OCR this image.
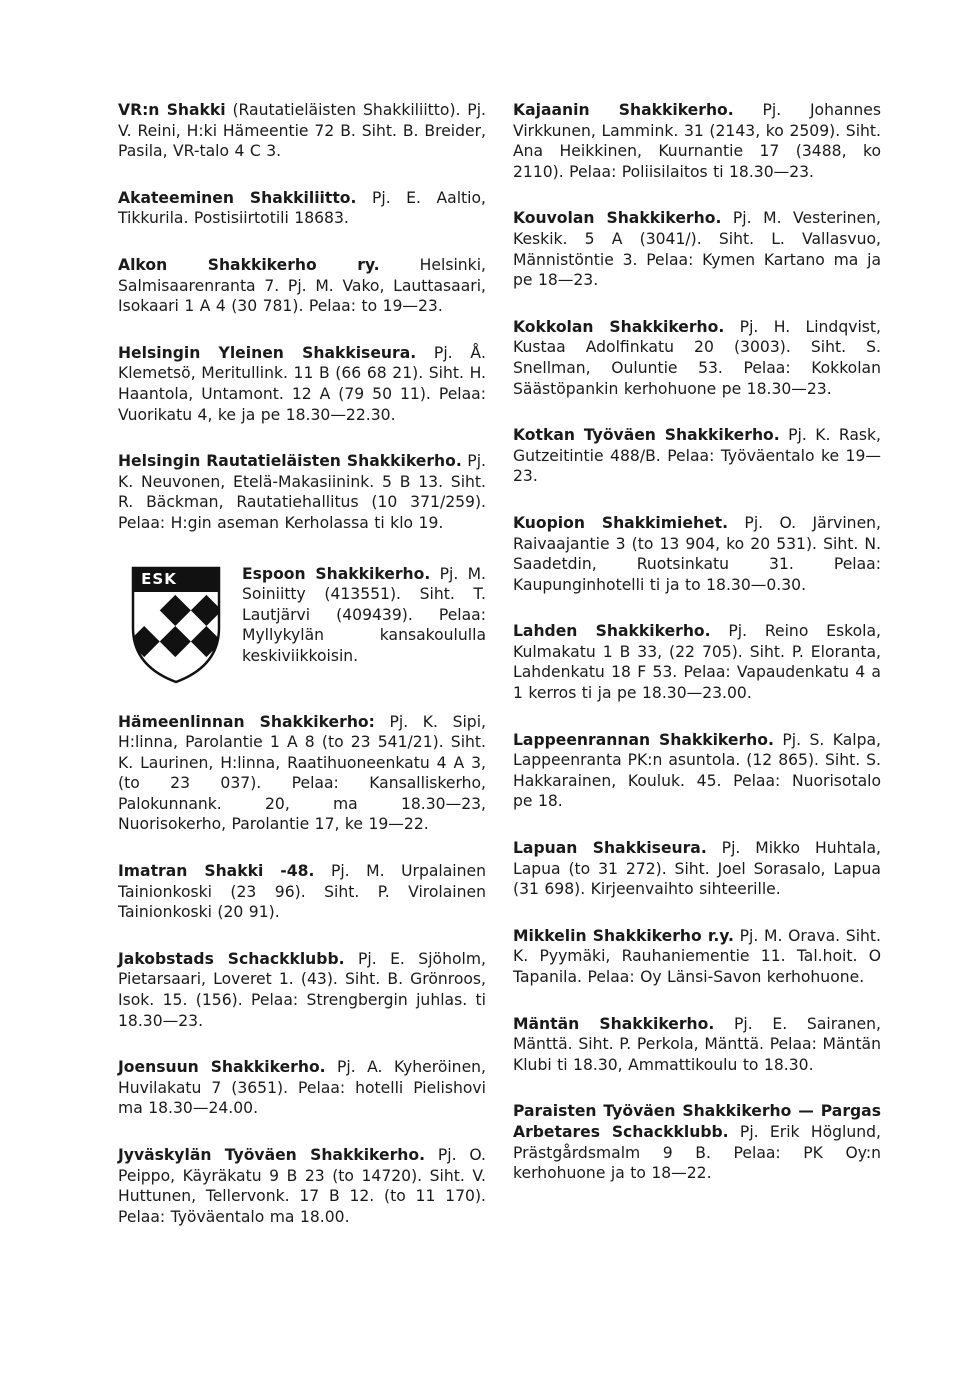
VR:n Shakki (Rautatieläisten Shakkiliitto). Pj. V. Reini, H:ki Hämeentie 72 B. Siht. B. Breider, Pasila, VR-talo 4 C 3.
Akateeminen Shakkiliitto. Pj. E. Aaltio, Tikkurila. Postisiirtotili 18683.
Alkon Shakkikerho ry. Helsinki, Salmisaarenranta 7. Pj. M. Vako, Lauttasaari, Isokaari 1 A 4 (30 781). Pelaa: to 19—23.
Helsingin Yleinen Shakkiseura. Pj. Å. Klemetsö, Meritullink. 11 B (66 68 21). Siht. H. Haantola, Untamont. 12 A (79 50 11). Pelaa: Vuorikatu 4, ke ja pe 18.30—22.30.
Helsingin Rautatieläisten Shakkikerho. Pj. K. Neuvonen, Etelä-Makasiinink. 5 B 13. Siht. R. Bäckman, Rautatiehallitus (10 371/259). Pelaa: H:gin aseman Kerholassa ti klo 19.
ESK	Espoon Shakkikerho. Pj. M. Soiniitty (413551). Siht. T. Lautjärvi (409439). Pelaa: Myllykylän kansakoululla keskiviikkoisin.
Hämeenlinnan Shakkikerho: Pj. K. Sipi, H:linna, Parolantie 1 A 8 (to 23 541/21). Siht. K. Laurinen, H:linna, Raatihuoneenkatu 4 A 3, (to 23 037). Pelaa: Kansalliskerho, Palokunnank. 20, ma 18.30—23, Nuorisokerho, Parolantie 17, ke 19—22.
Imatran Shakki -48. Pj. M. Urpalainen Tainionkoski (23 96). Siht. P. Virolainen Tainionkoski (20 91).
Jakobstads Schackklubb. Pj. E. Sjöholm, Pietarsaari, Loveret 1. (43). Siht. B. Grönroos, Isok. 15. (156). Pelaa: Strengbergin juhlas. ti 18.30—23.
Joensuun Shakkikerho. Pj. A. Kyheröinen, Huvilakatu 7 (3651). Pelaa: hotelli Pielishovi ma 18.30—24.00.
Jyväskylän Työväen Shakkikerho. Pj. O. Peippo, Käyräkatu 9 B 23 (to 14720). Siht. V. Huttunen, Tellervonk. 17 B 12. (to 11 170). Pelaa: Työväentalo ma 18.00.
Kajaanin Shakkikerho. Pj. Johannes Virkkunen, Lammink. 31 (2143, ko 2509). Siht. Ana Heikkinen, Kuurnantie 17 (3488, ko 2110). Pelaa: Poliisilaitos ti 18.30—23.
Kouvolan Shakkikerho. Pj. M. Vesterinen, Keskik. 5 A (3041/). Siht. L. Vallasvuo, Männistöntie 3. Pelaa: Kymen Kartano ma ja pe 18—23.
Kokkolan Shakkikerho. Pj. H. Lindqvist, Kustaa Adolfinkatu 20 (3003). Siht. S. Snellman, Ouluntie 53. Pelaa: Kokkolan Säästöpankin kerhohuone pe 18.30—23.
Kotkan Työväen Shakkikerho. Pj. K. Rask, Gutzeitintie 488/B. Pelaa: Työväentalo ke 19—23.
Kuopion Shakkimiehet. Pj. O. Järvinen, Raivaajantie 3 (to 13 904, ko 20 531). Siht. N. Saadetdin, Ruotsinkatu 31. Pelaa: Kaupunginhotelli ti ja to 18.30—0.30.
Lahden Shakkikerho. Pj. Reino Eskola, Kulmakatu 1 B 33, (22 705). Siht. P. Eloranta, Lahdenkatu 18 F 53. Pelaa: Vapaudenkatu 4 a 1 kerros ti ja pe 18.30—23.00.
Lappeenrannan Shakkikerho. Pj. S. Kalpa, Lappeenranta PK:n asuntola. (12 865). Siht. S. Hakkarainen, Kouluk. 45. Pelaa: Nuorisotalo pe 18.
Lapuan Shakkiseura. Pj. Mikko Huhtala, Lapua (to 31 272). Siht. Joel Sorasalo, Lapua (31 698). Kirjeenvaihto sihteerille.
Mikkelin Shakkikerho r.y. Pj. M. Orava. Siht. K. Pyymäki, Rauhaniementie 11. Tal.hoit. O Tapanila. Pelaa: Oy Länsi-Savon kerhohuone.
Mäntän Shakkikerho. Pj. E. Sairanen, Mänttä. Siht. P. Perkola, Mänttä. Pelaa: Mäntän Klubi ti 18.30, Ammattikoulu to 18.30.
Paraisten Työväen Shakkikerho — Pargas Arbetares Schackklubb. Pj. Erik Höglund, Prästgårdsmalm 9 B. Pelaa: PK Oy:n kerhohuone ja to 18—22.
